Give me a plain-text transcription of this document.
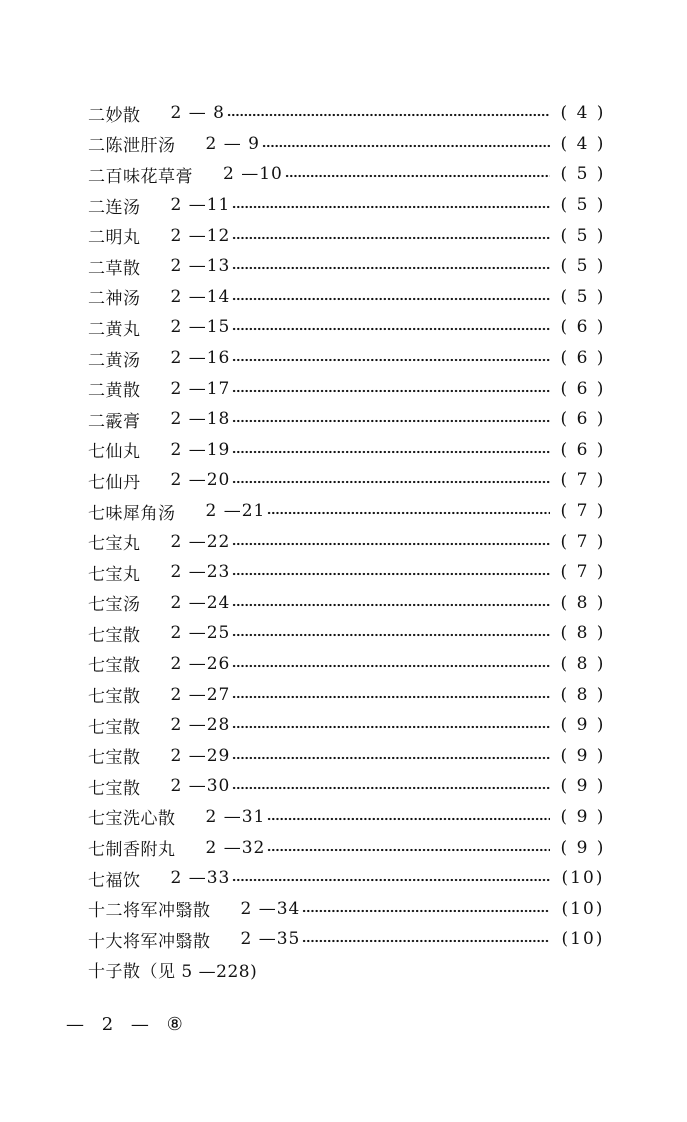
二妙散 2 — 8	( 4 )
二陈泄肝汤 2 — 9	( 4 )
二百味花草膏 2 —10	( 5 )
二连汤 2 —11	( 5 )
二明丸 2 —12	( 5 )
二草散 2 —13	( 5 )
二神汤 2 —14	( 5 )
二黄丸 2 —15	( 6 )
二黄汤 2 —16	( 6 )
二黄散 2 —17	( 6 )
二霰膏 2 —18	( 6 )
七仙丸 2 —19	( 6 )
七仙丹 2 —20	( 7 )
七味犀角汤 2 —21	( 7 )
七宝丸 2 —22	( 7 )
七宝丸 2 —23	( 7 )
七宝汤 2 —24	( 8 )
七宝散 2 —25	( 8 )
七宝散 2 —26	( 8 )
七宝散 2 —27	( 8 )
七宝散 2 —28	( 9 )
七宝散 2 —29	( 9 )
七宝散 2 —30	( 9 )
七宝洗心散 2 —31	( 9 )
七制香附丸 2 —32	( 9 )
七福饮 2 —33	(10)
十二将军冲翳散 2 —34	(10)
十大将军冲翳散 2 —35	(10)
十子散（见 5 —228)
— 2 — ⑧
